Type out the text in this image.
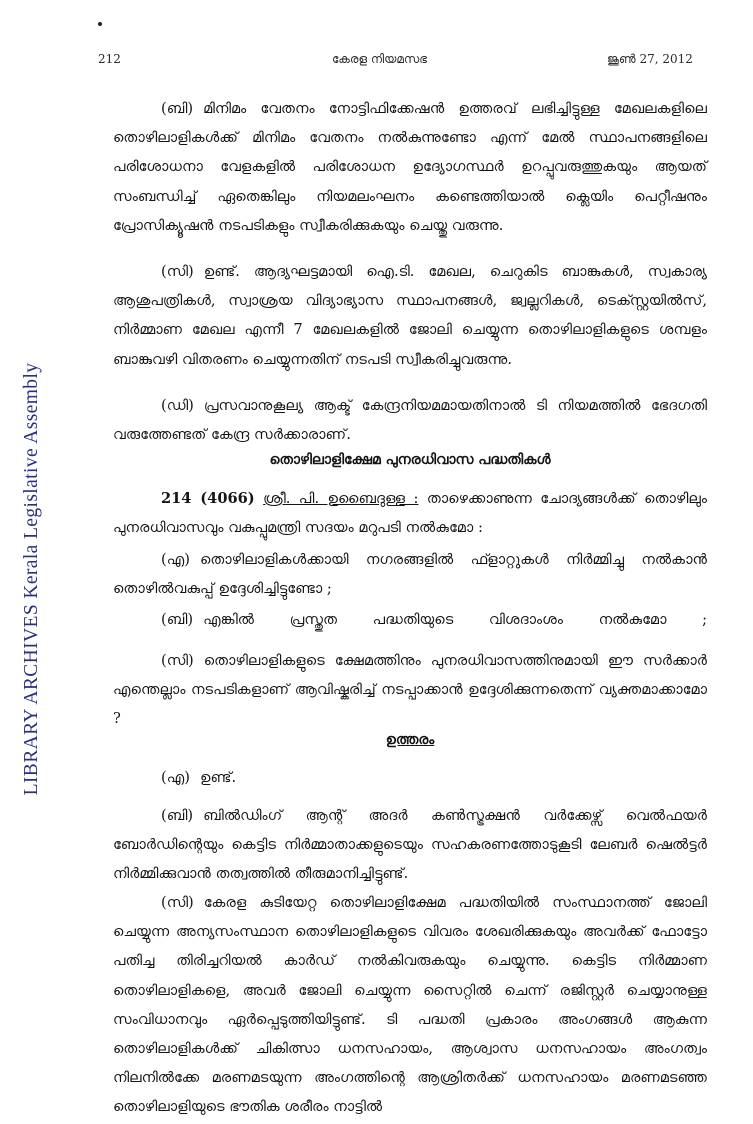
212	കേരള നിയമസഭ	ജൂൺ 27, 2012
LIBRARY ARCHIVES Kerala Legislative Assembly
(ബി) മിനിമം വേതനം നോട്ടിഫിക്കേഷൻ ഉത്തരവ് ലഭിച്ചിട്ടുള്ള മേഖലകളിലെ തൊഴിലാളികൾക്ക് മിനിമം വേതനം നൽകുന്നുണ്ടോ എന്ന് മേൽ സ്ഥാപനങ്ങളിലെ പരിശോധനാ വേളകളിൽ പരിശോധന ഉദ്യോഗസ്ഥർ ഉറപ്പുവരുത്തുകയും ആയത് സംബന്ധിച്ച് ഏതെങ്കിലും നിയമലംഘനം കണ്ടെത്തിയാൽ ക്ലെയിം പെറ്റീഷനും പ്രോസിക്യൂഷൻ നടപടികളും സ്വീകരിക്കുകയും ചെയ്തു വരുന്നു.
(സി) ഉണ്ട്. ആദ്യഘട്ടമായി ഐ.ടി. മേഖല, ചെറുകിട ബാങ്കുകൾ, സ്വകാര്യ ആശുപത്രികൾ, സ്വാശ്രയ വിദ്യാഭ്യാസ സ്ഥാപനങ്ങൾ, ജ്വല്ലറികൾ, ടെക്സ്റ്റയിൽസ്, നിർമ്മാണ മേഖല എന്നീ 7 മേഖലകളിൽ ജോലി ചെയ്യുന്ന തൊഴിലാളികളുടെ ശമ്പളം ബാങ്കുവഴി വിതരണം ചെയ്യുന്നതിന് നടപടി സ്വീകരിച്ചുവരുന്നു.
(ഡി) പ്രസവാനുകൂല്യ ആക്ട് കേന്ദ്രനിയമമായതിനാൽ ടി നിയമത്തിൽ ഭേദഗതി വരുത്തേണ്ടത് കേന്ദ്ര സർക്കാരാണ്.
തൊഴിലാളിക്ഷേമ പുനരധിവാസ പദ്ധതികൾ
214 (4066) ശ്രീ. പി. ഉബൈദുള്ള : താഴെക്കാണുന്ന ചോദ്യങ്ങൾക്ക് തൊഴിലും പുനരധിവാസവും വകുപ്പുമന്ത്രി സദയം മറുപടി നൽകുമോ :
(എ) തൊഴിലാളികൾക്കായി നഗരങ്ങളിൽ ഫ്ളാറ്റുകൾ നിർമ്മിച്ചു നൽകാൻ തൊഴിൽവകുപ്പ് ഉദ്ദേശിച്ചിട്ടുണ്ടോ ;
(ബി) എങ്കിൽ പ്രസ്തുത പദ്ധതിയുടെ വിശദാംശം നൽകുമോ ;
(സി) തൊഴിലാളികളുടെ ക്ഷേമത്തിനും പുനരധിവാസത്തിനുമായി ഈ സർക്കാർ എന്തെല്ലാം നടപടികളാണ് ആവിഷ്കരിച്ച് നടപ്പാക്കാൻ ഉദ്ദേശിക്കുന്നതെന്ന് വ്യക്തമാക്കാമോ ?
ഉത്തരം
(എ) ഉണ്ട്.
(ബി) ബിൽഡിംഗ് ആന്റ് അദർ കൺസ്ട്രക്ഷൻ വർക്കേഴ്സ് വെൽഫയർ ബോർഡിന്റെയും കെട്ടിട നിർമ്മാതാക്കളുടെയും സഹകരണത്തോടുകൂടി ലേബർ ഷെൽട്ടർ നിർമ്മിക്കുവാൻ തത്വത്തിൽ തീരുമാനിച്ചിട്ടുണ്ട്.
(സി) കേരള കുടിയേറ്റ തൊഴിലാളിക്ഷേമ പദ്ധതിയിൽ സംസ്ഥാനത്ത് ജോലി ചെയ്യുന്ന അന്യസംസ്ഥാന തൊഴിലാളികളുടെ വിവരം ശേഖരിക്കുകയും അവർക്ക് ഫോട്ടോ പതിച്ച തിരിച്ചറിയൽ കാർഡ് നൽകിവരുകയും ചെയ്യുന്നു. കെട്ടിട നിർമ്മാണ തൊഴിലാളികളെ, അവർ ജോലി ചെയ്യുന്ന സൈറ്റിൽ ചെന്ന് രജിസ്റ്റർ ചെയ്യാനുള്ള സംവിധാനവും ഏർപ്പെടുത്തിയിട്ടുണ്ട്. ടി പദ്ധതി പ്രകാരം അംഗങ്ങൾ ആകുന്ന തൊഴിലാളികൾക്ക് ചികിത്സാ ധനസഹായം, ആശ്വാസ ധനസഹായം അംഗത്വം നിലനിൽക്കേ മരണമടയുന്ന അംഗത്തിന്റെ ആശ്രിതർക്ക് ധനസഹായം മരണമടഞ്ഞ തൊഴിലാളിയുടെ ഭൗതിക ശരീരം നാട്ടിൽ
